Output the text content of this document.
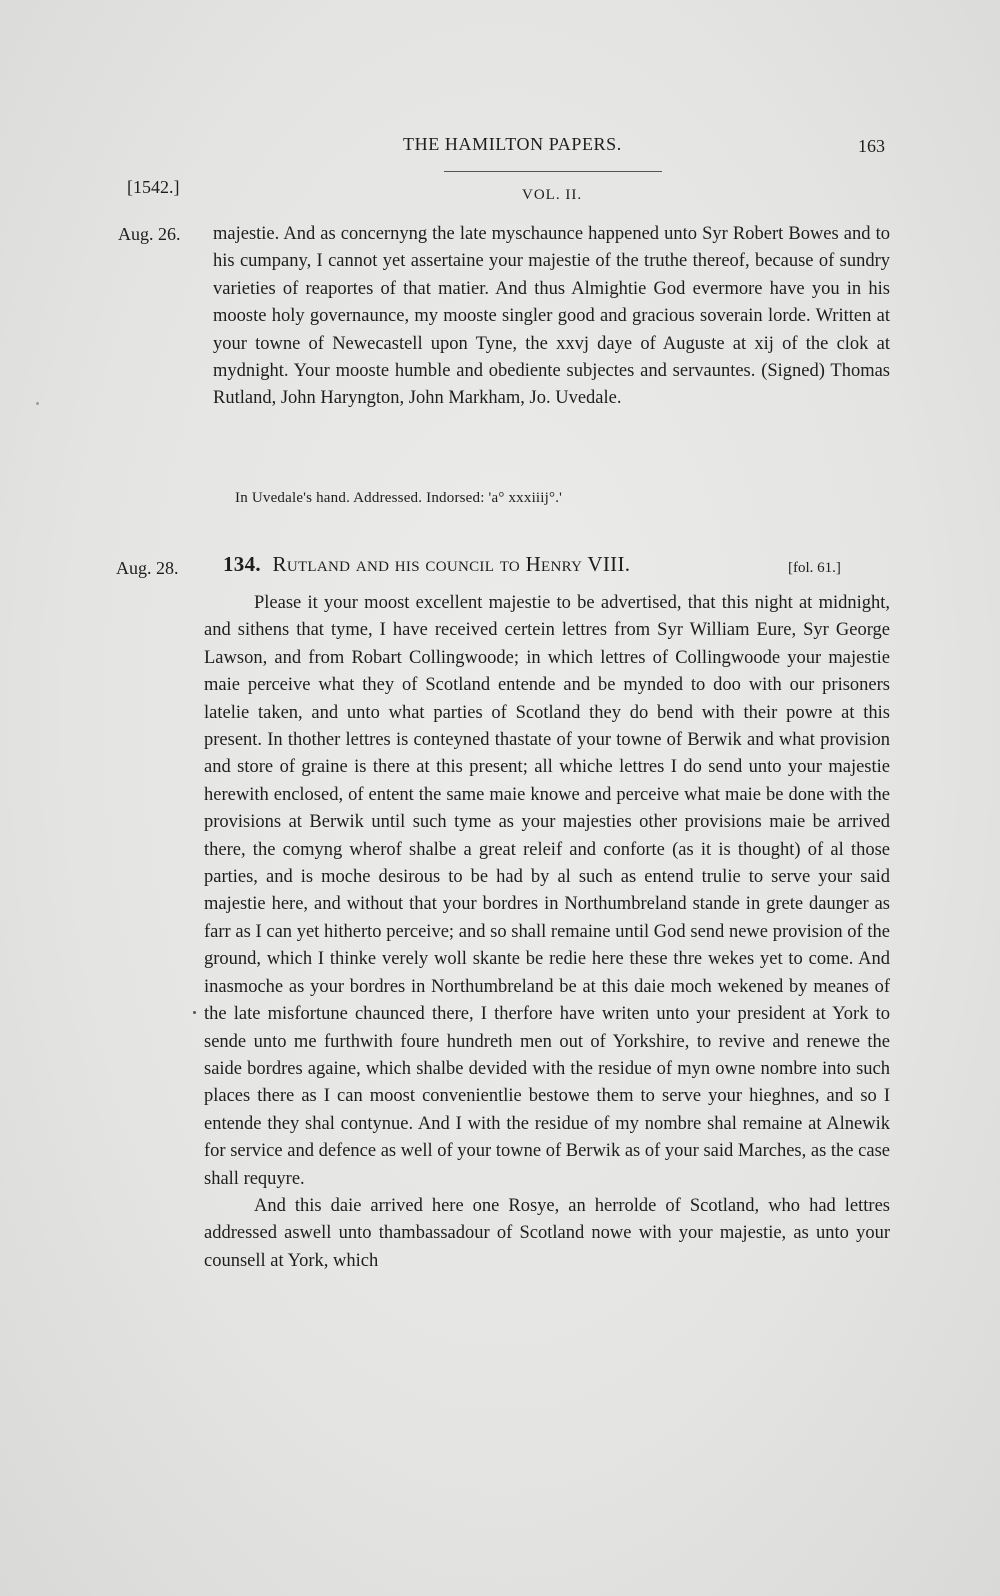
THE HAMILTON PAPERS.	163
[1542.]	VOL. II.
Aug. 26. majestie. And as concernyng the late myschaunce happened unto Syr Robert Bowes and to his cumpany, I cannot yet assertaine your majestie of the truthe thereof, because of sundry varieties of reaportes of that matier. And thus Almightie God evermore have you in his mooste holy governaunce, my mooste singler good and gracious soverain lorde. Written at your towne of Newecastell upon Tyne, the xxvj daye of Auguste at xij of the clok at mydnight. Your mooste humble and obediente subjectes and servauntes. (Signed) Thomas Rutland, John Haryngton, John Markham, Jo. Uvedale.

In Uvedale's hand. Addressed. Indorsed: 'a° xxxiiij°.'
Aug. 28. 134. Rutland and his council to Henry VIII.	[fol. 61.]

Please it your moost excellent majestie to be advertised, that this night at midnight, and sithens that tyme, I have received certein lettres from Syr William Eure, Syr George Lawson, and from Robart Collingwoode; in which lettres of Collingwoode your majestie maie perceive what they of Scotland entende and be mynded to doo with our prisoners latelie taken, and unto what parties of Scotland they do bend with their powre at this present. In thother lettres is conteyned thastate of your towne of Berwik and what provision and store of graine is there at this present; all whiche lettres I do send unto your majestie herewith enclosed, of entent the same maie knowe and perceive what maie be done with the provisions at Berwik until such tyme as your majesties other provisions maie be arrived there, the comyng wherof shalbe a great releif and conforte (as it is thought) of al those parties, and is moche desirous to be had by al such as entend trulie to serve your said majestie here, and without that your bordres in Northumbreland stande in grete daunger as farr as I can yet hitherto perceive; and so shall remaine until God send newe provision of the ground, which I thinke verely woll skante be redie here these thre wekes yet to come. And inasmoche as your bordres in Northumbreland be at this daie moch wekened by meanes of the late misfortune chaunced there, I therfore have writen unto your president at York to sende unto me furthwith foure hundreth men out of Yorkshire, to revive and renewe the saide bordres againe, which shalbe devided with the residue of myn owne nombre into such places there as I can moost convenientlie bestowe them to serve your hieghnes, and so I entende they shal contynue. And I with the residue of my nombre shal remaine at Alnewik for service and defence as well of your towne of Berwik as of your said Marches, as the case shall requyre.

And this daie arrived here one Rosye, an herrolde of Scotland, who had lettres addressed aswell unto thambassadour of Scotland nowe with your majestie, as unto your counsell at York, which
